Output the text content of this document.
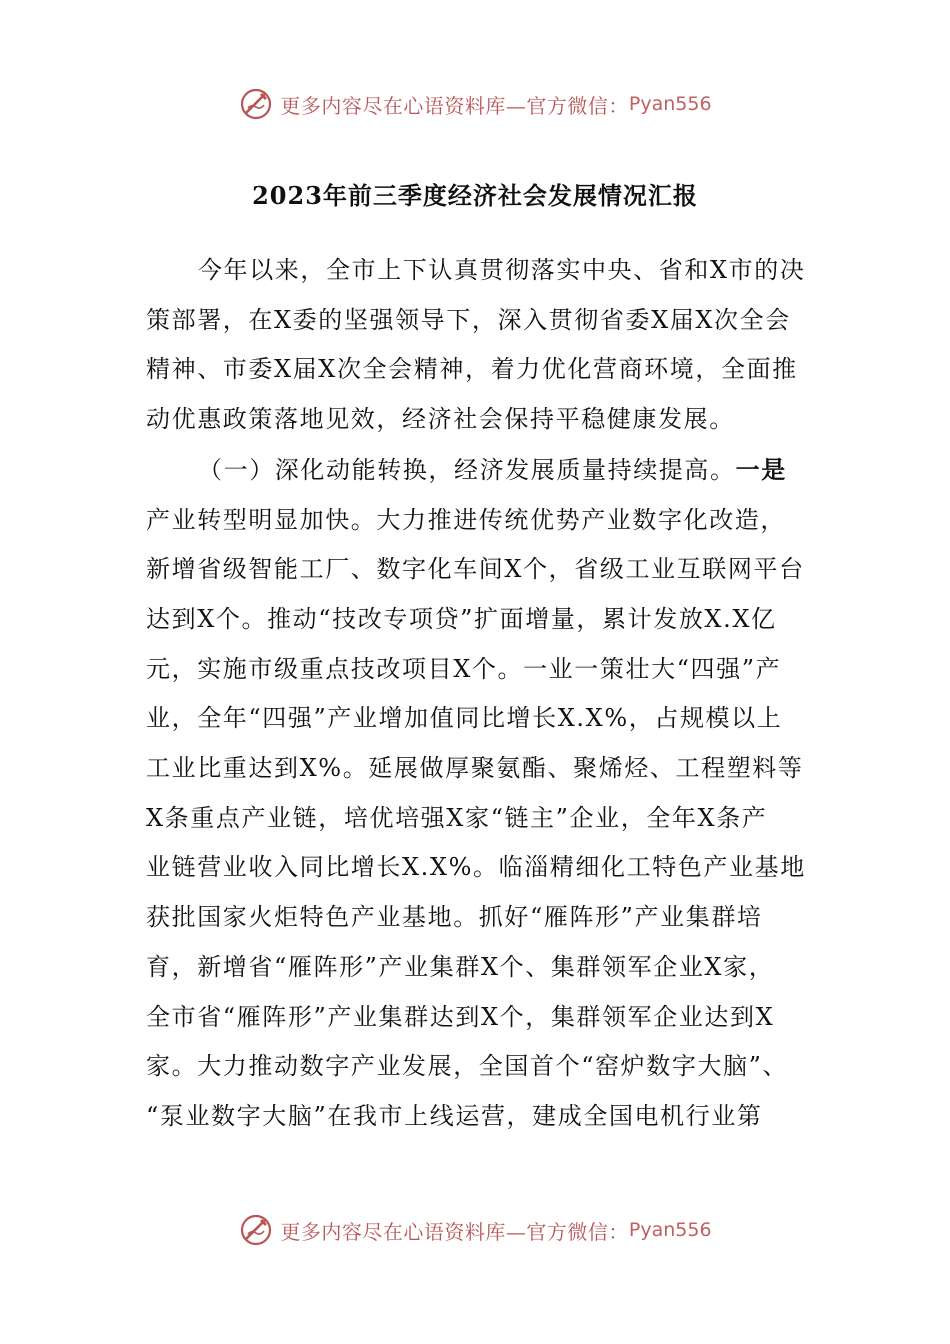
更多内容尽在心语资料库—官方微信： Pyan556
2023年前三季度经济社会发展情况汇报

今年以来，全市上下认真贯彻落实中央、省和X市的决
策部署，在X委的坚强领导下，深入贯彻省委X届X次全会
精神、市委X届X次全会精神，着力优化营商环境，全面推
动优惠政策落地见效，经济社会保持平稳健康发展。

（一）深化动能转换，经济发展质量持续提高。一是
产业转型明显加快。大力推进传统优势产业数字化改造，
新增省级智能工厂、数字化车间X个，省级工业互联网平台
达到X个。推动“技改专项贷”扩面增量，累计发放X.X亿
元，实施市级重点技改项目X个。一业一策壮大“四强”产
业，全年“四强”产业增加值同比增长X.X%，占规模以上
工业比重达到X%。延展做厚聚氨酯、聚烯烃、工程塑料等
X条重点产业链，培优培强X家“链主”企业，全年X条产
业链营业收入同比增长X.X%。临淄精细化工特色产业基地
获批国家火炬特色产业基地。抓好“雁阵形”产业集群培
育，新增省“雁阵形”产业集群X个、集群领军企业X家，
全市省“雁阵形”产业集群达到X个，集群领军企业达到X
家。大力推动数字产业发展，全国首个“窑炉数字大脑”、
“泵业数字大脑”在我市上线运营，建成全国电机行业第

更多内容尽在心语资料库—官方微信： Pyan556
